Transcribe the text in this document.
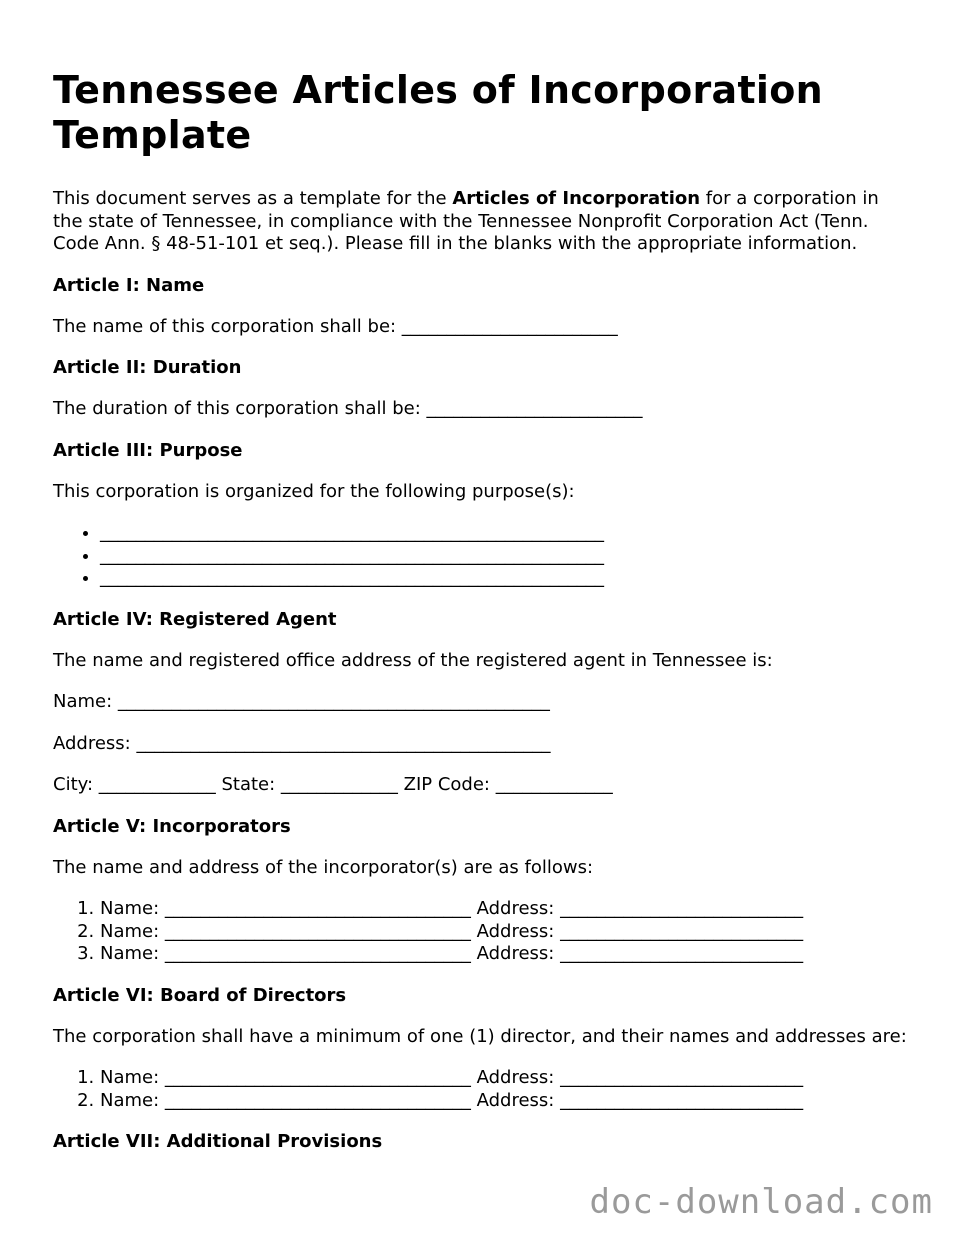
Tennessee Articles of Incorporation Template

This document serves as a template for the Articles of Incorporation for a corporation in the state of Tennessee, in compliance with the Tennessee Nonprofit Corporation Act (Tenn. Code Ann. § 48-51-101 et seq.). Please fill in the blanks with the appropriate information.

Article I: Name

The name of this corporation shall be: ________________________

Article II: Duration

The duration of this corporation shall be: ________________________

Article III: Purpose

This corporation is organized for the following purpose(s):

• ________________________________________________________
• ________________________________________________________
• ________________________________________________________
Article IV: Registered Agent

The name and registered office address of the registered agent in Tennessee is:

Name: ________________________________________________

Address: ______________________________________________

City: _____________ State: _____________ ZIP Code: _____________

Article V: Incorporators

The name and address of the incorporator(s) are as follows:

1. Name: __________________________________ Address: ___________________________
2. Name: __________________________________ Address: ___________________________
3. Name: __________________________________ Address: ___________________________
Article VI: Board of Directors

The corporation shall have a minimum of one (1) director, and their names and addresses are:

1. Name: __________________________________ Address: ___________________________
2. Name: __________________________________ Address: ___________________________
Article VII: Additional Provisions
doc-download.com
